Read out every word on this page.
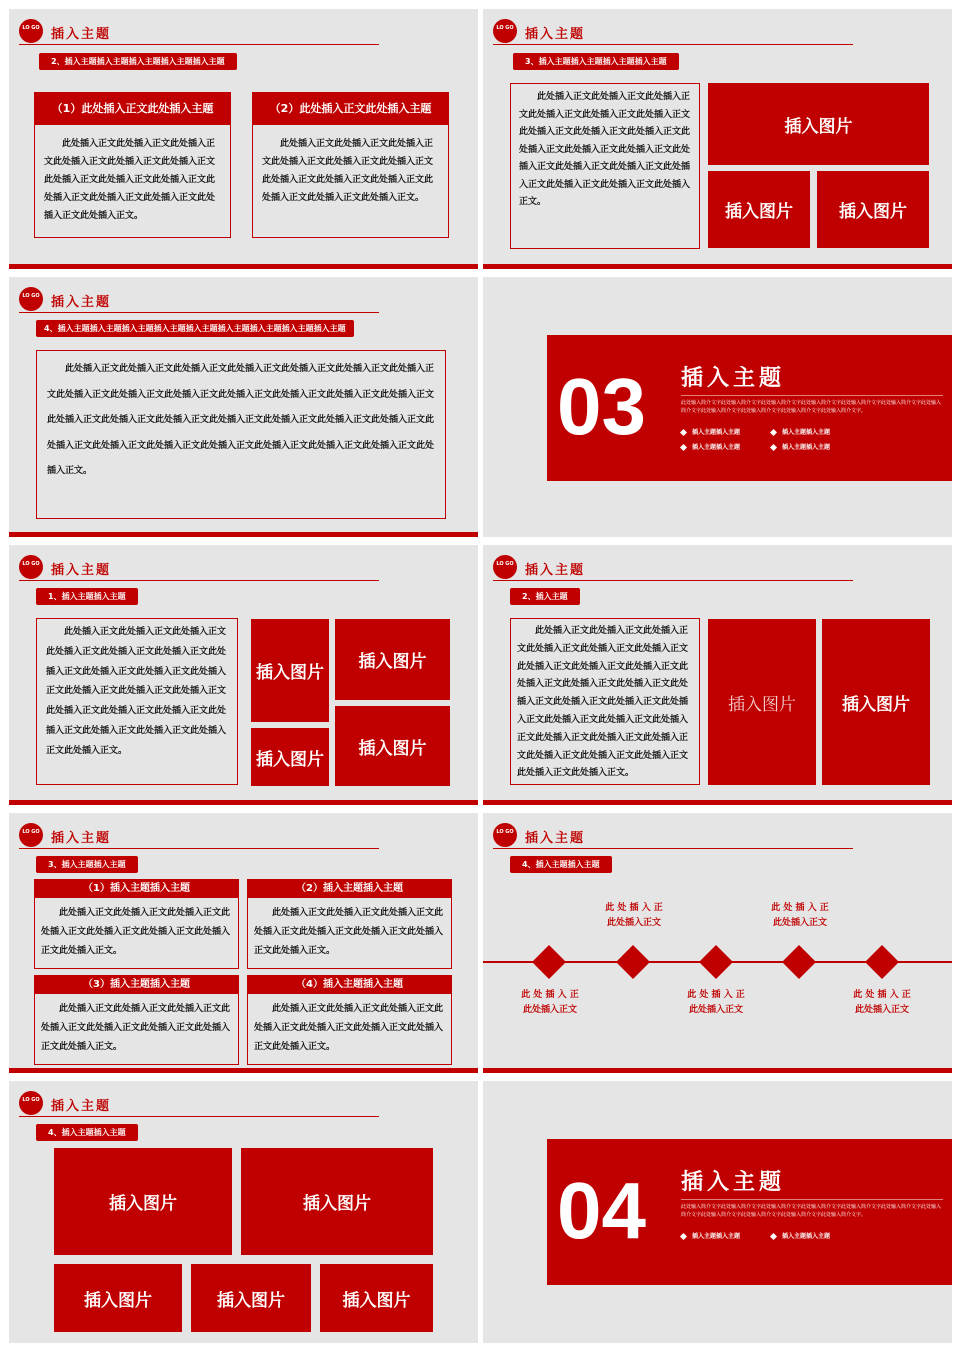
LO GO 插入主题
2、插入主题插入主题插入主题插入主题插入主题
（1）此处插入正文此处插入主题
此处插入正文此处插入正文此处插入正文此处插入正文此处插入正文此处插入正文此处插入正文此处插入正文此处插入正文此处插入正文此处插入正文此处插入正文此处插入正文此处插入正文。
（2）此处插入正文此处插入主题
此处插入正文此处插入正文此处插入正文此处插入正文此处插入正文此处插入正文此处插入正文此处插入正文此处插入正文此处插入正文此处插入正文此处插入正文。
LO GO 插入主题
3、插入主题插入主题插入主题插入主题
此处插入正文此处插入正文此处插入正文此处插入正文此处插入正文此处插入正文此处插入正文此处插入正文此处插入正文此处插入正文此处插入正文此处插入正文此处插入正文此处插入正文此处插入正文此处插入正文此处插入正文此处插入正文此处插入正文。
插入图片
插入图片	插入图片
LO GO 插入主题
4、插入主题插入主题插入主题插入主题插入主题插入主题插入主题插入主题插入主题
此处插入正文此处插入正文此处插入正文此处插入正文此处插入正文此处插入正文此处插入正文此处插入正文此处插入正文此处插入正文此处插入正文此处插入正文此处插入正文此处插入正文此处插入正文此处插入正文此处插入正文此处插入正文此处插入正文此处插入正文此处插入正文此处插入正文此处插入正文此处插入正文此处插入正文此处插入正文此处插入正文此处插入正文此处插入正文。
03 插入主题
此处输入简介文字此处输入简介文字此处输入简介文字此处输入简介文字此处输入简介文字此处输入简介文字此处输入简介文字此处输入简介文字此处输入简介文字此处输入简介文字此处输入简介文字。
插入主题插入主题	插入主题插入主题
插入主题插入主题	插入主题插入主题
LO GO 插入主题
1、插入主题插入主题
此处插入正文此处插入正文此处插入正文此处插入正文此处插入正文此处插入正文此处插入正文此处插入正文此处插入正文此处插入正文此处插入正文此处插入正文此处插入正文此处插入正文此处插入正文此处插入正文此处插入正文此处插入正文此处插入正文此处插入正文此处插入正文。
插入图片
插入图片
插入图片
插入图片
LO GO 插入主题
2、插入主题
此处插入正文此处插入正文此处插入正文此处插入正文此处插入正文此处插入正文此处插入正文此处插入正文此处插入正文此处插入正文此处插入正文此处插入正文此处插入正文此处插入正文此处插入正文此处插入正文此处插入正文此处插入正文此处插入正文此处插入正文此处插入正文此处插入正文此处插入正文此处插入正文此处插入正文此处插入正文此处插入正文。
插入图片	插入图片
LO GO 插入主题
3、插入主题插入主题
（1）插入主题插入主题
此处插入正文此处插入正文此处插入正文此处插入正文此处插入正文此处插入正文此处插入正文此处插入正文。
（2）插入主题插入主题
此处插入正文此处插入正文此处插入正文此处插入正文此处插入正文此处插入正文此处插入正文此处插入正文。
（3）插入主题插入主题
此处插入正文此处插入正文此处插入正文此处插入正文此处插入正文此处插入正文此处插入正文此处插入正文。
（4）插入主题插入主题
此处插入正文此处插入正文此处插入正文此处插入正文此处插入正文此处插入正文此处插入正文此处插入正文。
LO GO 插入主题
4、插入主题插入主题
此 处 插 入 正
此处插入正文
此 处 插 入 正
此处插入正文
此 处 插 入 正
此处插入正文
此 处 插 入 正
此处插入正文
此 处 插 入 正
此处插入正文
LO GO 插入主题
4、插入主题插入主题
插入图片	插入图片
插入图片	插入图片	插入图片
04 插入主题
此处输入简介文字此处输入简介文字此处输入简介文字此处输入简介文字此处输入简介文字此处输入简介文字此处输入简介文字此处输入简介文字此处输入简介文字此处输入简介文字此处输入简介文字。
插入主题插入主题	插入主题插入主题
